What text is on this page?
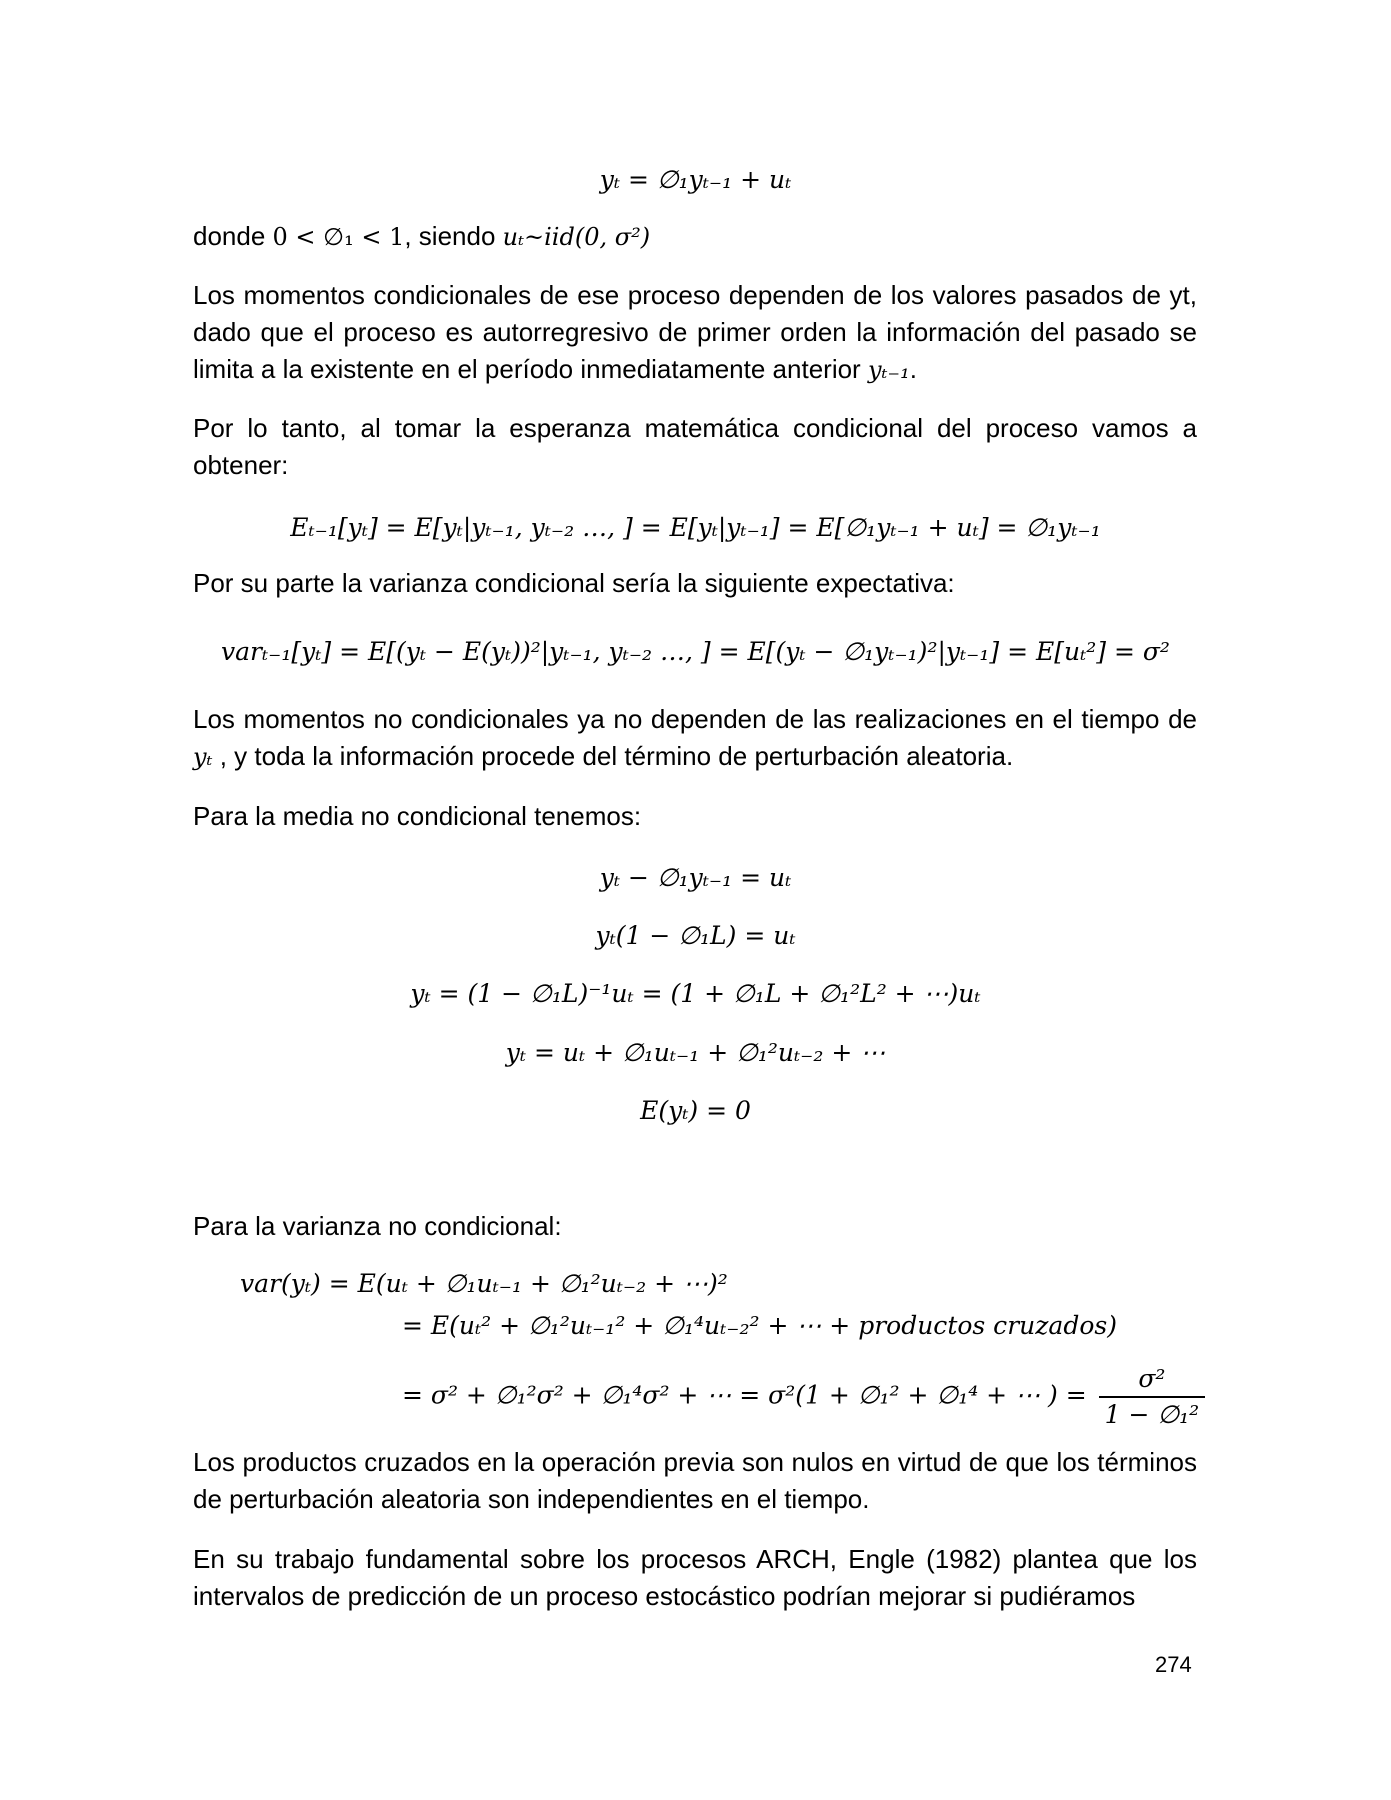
yₜ = ∅₁yₜ₋₁ + uₜ

donde 0 < ∅₁ < 1, siendo uₜ~iid(0, σ²)

Los momentos condicionales de ese proceso dependen de los valores pasados de yt, dado que el proceso es autorregresivo de primer orden la información del pasado se limita a la existente en el período inmediatamente anterior yₜ₋₁.

Por lo tanto, al tomar la esperanza matemática condicional del proceso vamos a obtener:

Eₜ₋₁[yₜ] = E[yₜ|yₜ₋₁, yₜ₋₂ …, ] = E[yₜ|yₜ₋₁] = E[∅₁yₜ₋₁ + uₜ] = ∅₁yₜ₋₁

Por su parte la varianza condicional sería la siguiente expectativa:

varₜ₋₁[yₜ] = E[(yₜ − E(yₜ))²|yₜ₋₁, yₜ₋₂ …, ] = E[(yₜ − ∅₁yₜ₋₁)²|yₜ₋₁] = E[uₜ²] = σ²

Los momentos no condicionales ya no dependen de las realizaciones en el tiempo de yₜ , y toda la información procede del término de perturbación aleatoria.

Para la media no condicional tenemos:

yₜ − ∅₁yₜ₋₁ = uₜ
yₜ(1 − ∅₁L) = uₜ
yₜ = (1 − ∅₁L)⁻¹uₜ = (1 + ∅₁L + ∅₁²L² + ⋯)uₜ
yₜ = uₜ + ∅₁uₜ₋₁ + ∅₁²uₜ₋₂ + ⋯
E(yₜ) = 0

Para la varianza no condicional:

var(yₜ) = E(uₜ + ∅₁uₜ₋₁ + ∅₁²uₜ₋₂ + ⋯)²
= E(uₜ² + ∅₁²uₜ₋₁² + ∅₁⁴uₜ₋₂² + ⋯ + productos cruzados)
= σ² + ∅₁²σ² + ∅₁⁴σ² + ⋯ = σ²(1 + ∅₁² + ∅₁⁴ + ⋯ ) = $\frac{\text{σ²}}{\text{1 − ∅₁²}}$

Los productos cruzados en la operación previa son nulos en virtud de que los términos de perturbación aleatoria son independientes en el tiempo.

En su trabajo fundamental sobre los procesos ARCH, Engle (1982) plantea que los intervalos de predicción de un proceso estocástico podrían mejorar si pudiéramos

274
